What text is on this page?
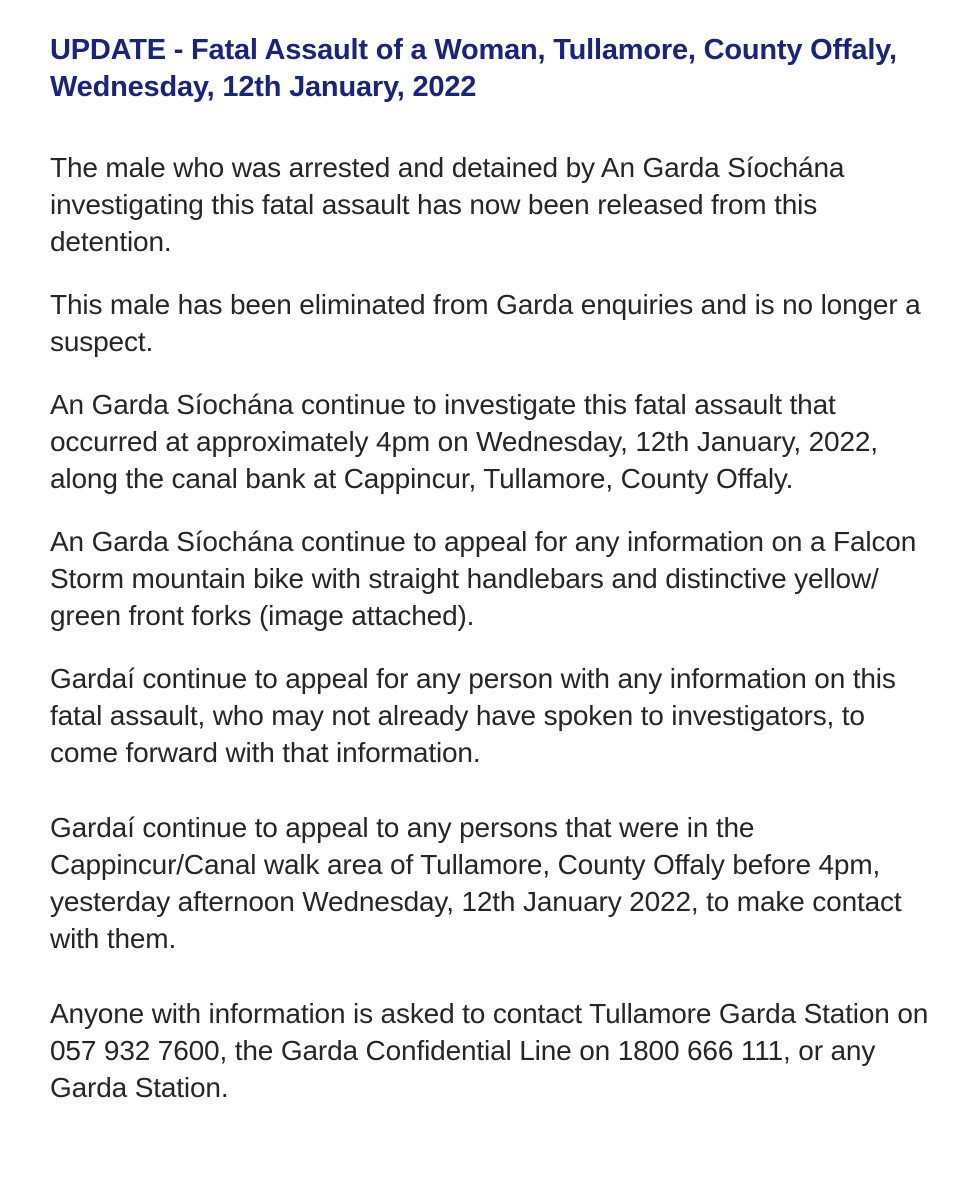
UPDATE - Fatal Assault of a Woman, Tullamore, County Offaly, Wednesday, 12th January, 2022

The male who was arrested and detained by An Garda Síochána investigating this fatal assault has now been released from this detention.

This male has been eliminated from Garda enquiries and is no longer a suspect.

An Garda Síochána continue to investigate this fatal assault that occurred at approximately 4pm on Wednesday, 12th January, 2022, along the canal bank at Cappincur, Tullamore, County Offaly.

An Garda Síochána continue to appeal for any information on a Falcon Storm mountain bike with straight handlebars and distinctive yellow/ green front forks (image attached).

Gardaí continue to appeal for any person with any information on this fatal assault, who may not already have spoken to investigators, to come forward with that information.

Gardaí continue to appeal to any persons that were in the Cappincur/Canal walk area of Tullamore, County Offaly before 4pm, yesterday afternoon Wednesday, 12th January 2022, to make contact with them.

Anyone with information is asked to contact Tullamore Garda Station on 057 932 7600, the Garda Confidential Line on 1800 666 111, or any Garda Station.
